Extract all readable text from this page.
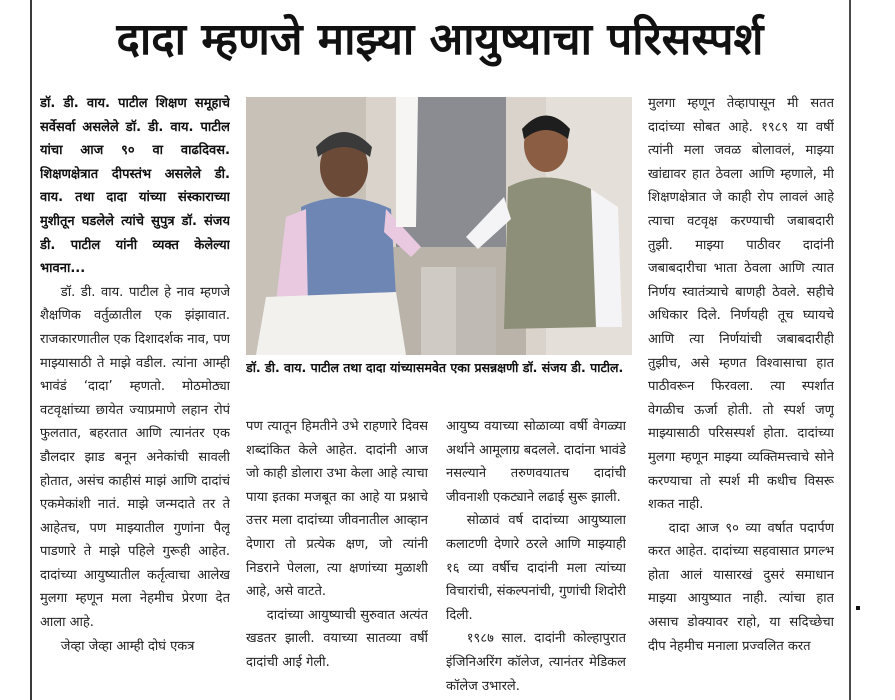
दादा म्हणजे माझ्या आयुष्याचा परिसस्पर्श

डॉ. डी. वाय. पाटील शिक्षण समूहाचे सर्वेसर्वा असलेले डॉ. डी. वाय. पाटील यांचा आज ९० वा वाढदिवस. शिक्षणक्षेत्रात दीपस्तंभ असलेले डी. वाय. तथा दादा यांच्या संस्काराच्या मुशीतून घडलेले त्यांचे सुपुत्र डॉ. संजय डी. पाटील यांनी व्यक्त केलेल्या भावना...

डॉ. डी. वाय. पाटील हे नाव म्हणजे शैक्षणिक वर्तुळातील एक झंझावात. राजकारणातील एक दिशादर्शक नाव, पण माझ्यासाठी ते माझे वडील. त्यांना आम्ही भावंडं ‘दादा’ म्हणतो. मोठमोठ्या वटवृक्षांच्या छायेत ज्याप्रमाणे लहान रोपं फुलतात, बहरतात आणि त्यानंतर एक डौलदार झाड बनून अनेकांची सावली होतात, असंच काहीसं माझं आणि दादांचं एकमेकांशी नातं. माझे जन्मदाते तर ते आहेतच, पण माझ्यातील गुणांना पैलू पाडणारे ते माझे पहिले गुरूही आहेत. दादांच्या आयुष्यातील कर्तृत्वाचा आलेख मुलगा म्हणून मला नेहमीच प्रेरणा देत आला आहे.

जेव्हा जेव्हा आम्ही दोघं एकत्र

डॉ. डी. वाय. पाटील तथा दादा यांच्यासमवेत एका प्रसन्नक्षणी डॉ. संजय डी. पाटील.

पण त्यातून हिमतीने उभे राहणारे दिवस शब्दांकित केले आहेत. दादांनी आज जो काही डोलारा उभा केला आहे त्याचा पाया इतका मजबूत का आहे या प्रश्नाचे उत्तर मला दादांच्या जीवनातील आव्हान देणारा तो प्रत्येक क्षण, जो त्यांनी निडराने पेलला, त्या क्षणांच्या मुळाशी आहे, असे वाटते.

दादांच्या आयुष्याची सुरुवात अत्यंत खडतर झाली. वयाच्या सातव्या वर्षी दादांची आई गेली.

आयुष्य वयाच्या सोळाव्या वर्षी वेगळ्या अर्थाने आमूलाग्र बदलले. दादांना भावंडे नसल्याने तरुणवयातच दादांची जीवनाशी एकट्याने लढाई सुरू झाली.

सोळावं वर्ष दादांच्या आयुष्याला कलाटणी देणारे ठरले आणि माझ्याही १६ व्या वर्षीच दादांनी मला त्यांच्या विचारांची, संकल्पनांची, गुणांची शिदोरी दिली.

१९८७ साल. दादांनी कोल्हापुरात इंजिनिअरिंग कॉलेज, त्यानंतर मेडिकल कॉलेज उभारले.

मुलगा म्हणून तेव्हापासून मी सतत दादांच्या सोबत आहे. १९८९ या वर्षी त्यांनी मला जवळ बोलावलं, माझ्या खांद्यावर हात ठेवला आणि म्हणाले, मी शिक्षणक्षेत्रात जे काही रोप लावलं आहे त्याचा वटवृक्ष करण्याची जबाबदारी तुझी. माझ्या पाठीवर दादांनी जबाबदारीचा भाता ठेवला आणि त्यात निर्णय स्वातंत्र्याचे बाणही ठेवले. सहीचे अधिकार दिले. निर्णयही तूच घ्यायचे आणि त्या निर्णयांची जबाबदारीही तुझीच, असे म्हणत विश्वासाचा हात पाठीवरून फिरवला. त्या स्पर्शात वेगळीच ऊर्जा होती. तो स्पर्श जणू माझ्यासाठी परिसस्पर्श होता. दादांच्या मुलगा म्हणून माझ्या व्यक्तिमत्त्वाचे सोने करण्याचा तो स्पर्श मी कधीच विसरू शकत नाही.

दादा आज ९० व्या वर्षात पदार्पण करत आहेत. दादांच्या सहवासात प्रगल्भ होता आलं यासारखं दुसरं समाधान माझ्या आयुष्यात नाही. त्यांचा हात असाच डोक्यावर राहो, या सदिच्छेचा दीप नेहमीच मनाला प्रज्वलित करत
